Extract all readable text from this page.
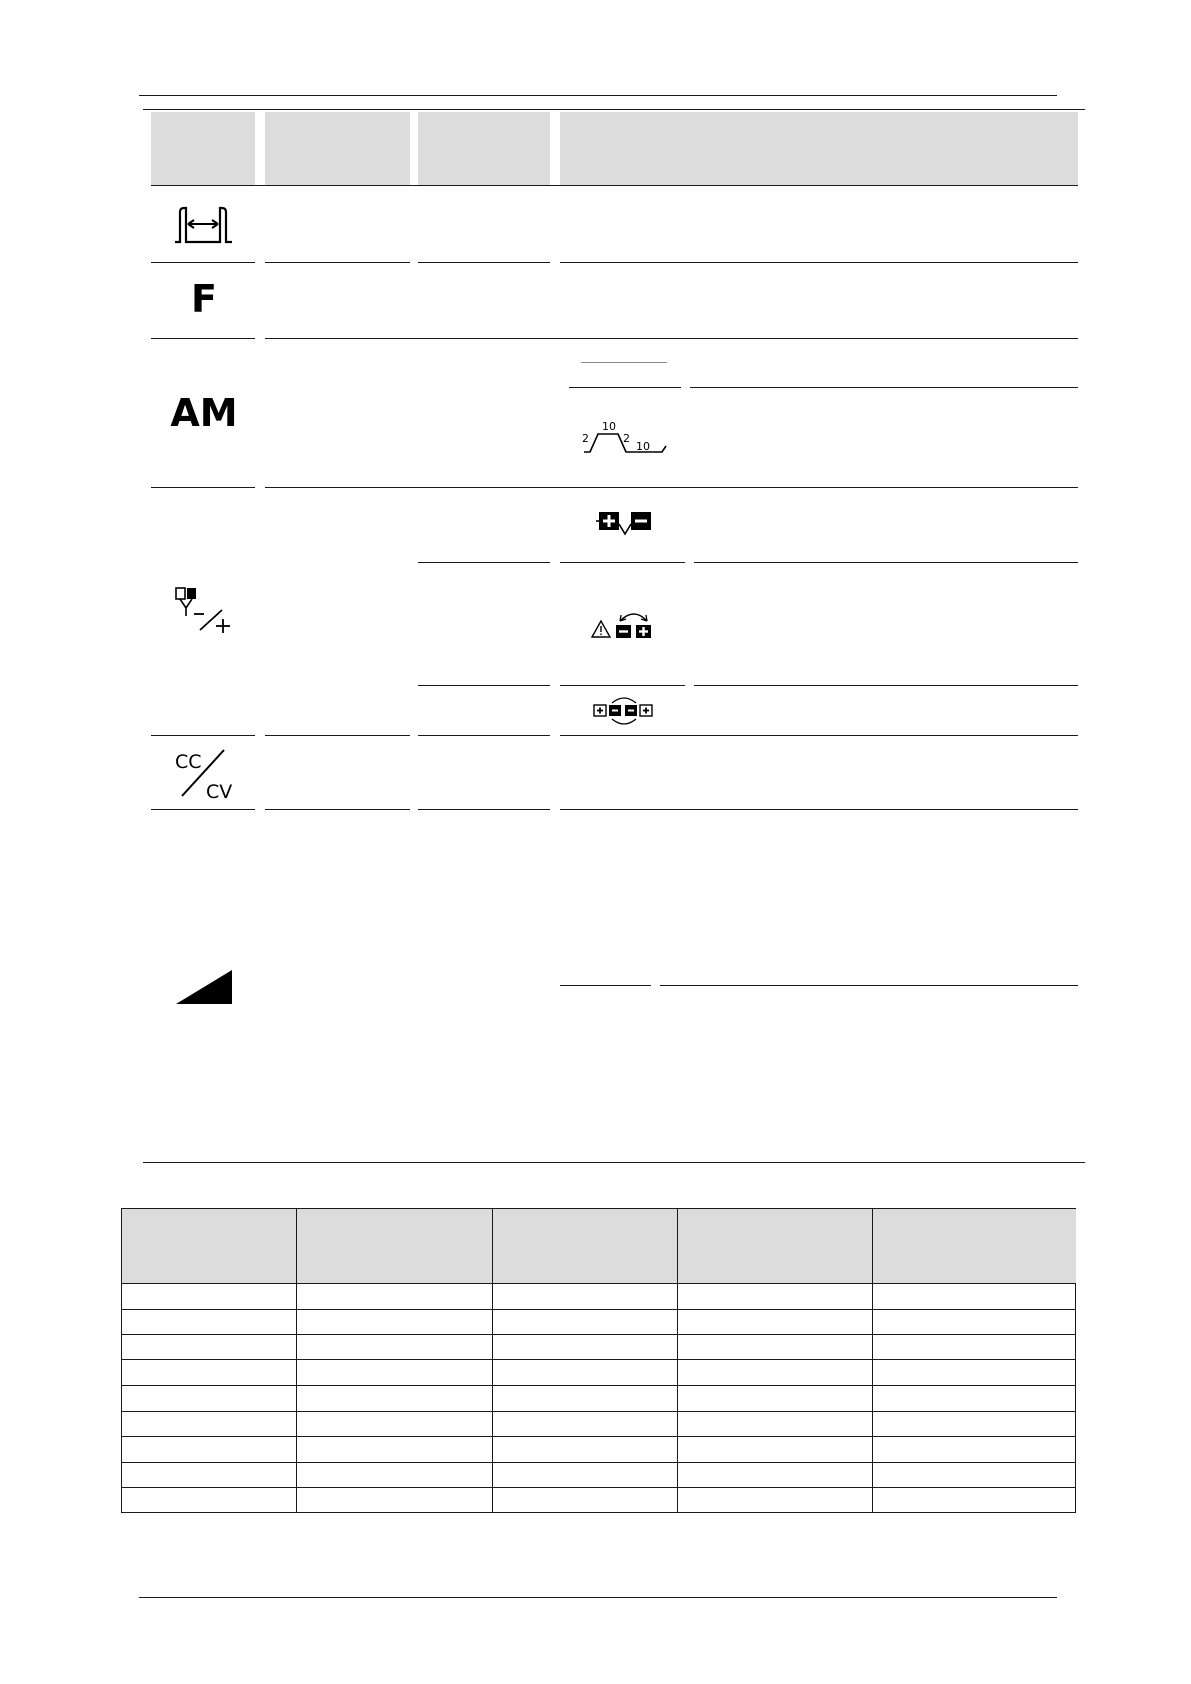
F
AM
2
10
2
10
CC
CV
